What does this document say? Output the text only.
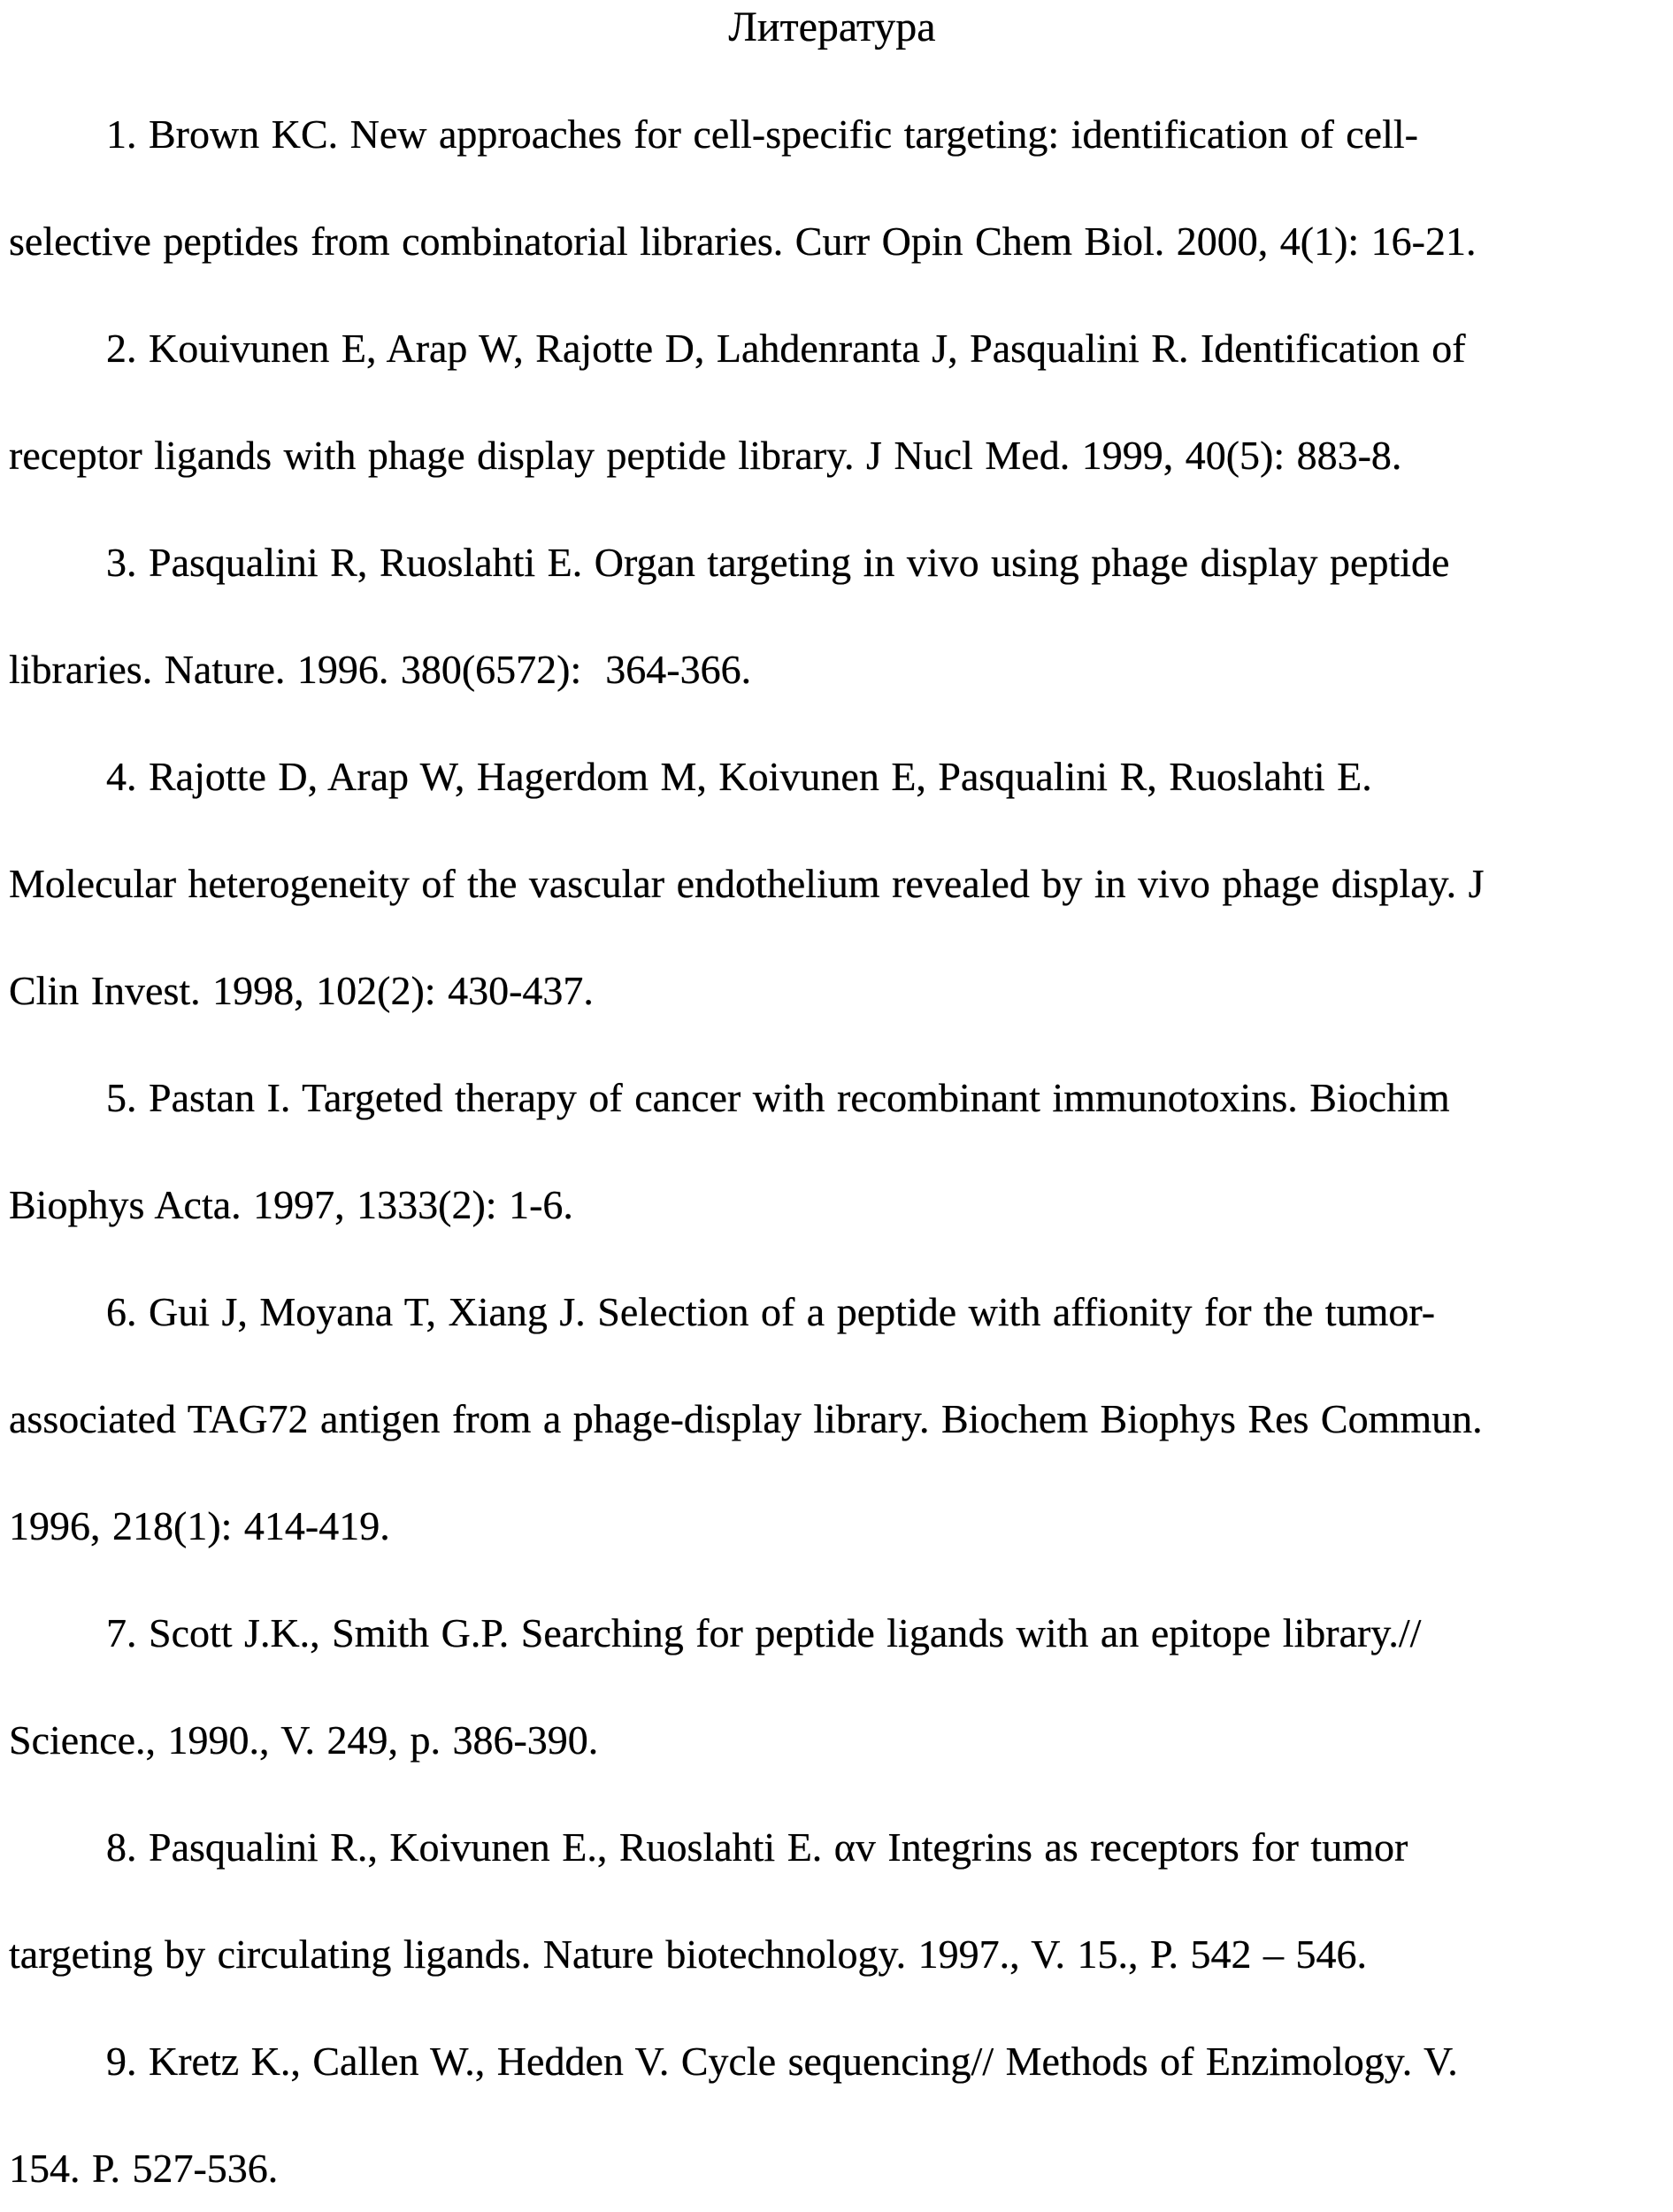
Литература

1. Brown KC. New approaches for cell-specific targeting: identification of cell-
selective peptides from combinatorial libraries. Curr Opin Chem Biol. 2000, 4(1): 16-21.

2. Kouivunen E, Arap W, Rajotte D, Lahdenranta J, Pasqualini R. Identification of
receptor ligands with phage display peptide library. J Nucl Med. 1999, 40(5): 883-8.

3. Pasqualini R, Ruoslahti E. Organ targeting in vivo using phage display peptide
libraries. Nature. 1996. 380(6572):  364-366.

4. Rajotte D, Arap W, Hagerdom M, Koivunen E, Pasqualini R, Ruoslahti E.
Molecular heterogeneity of the vascular endothelium revealed by in vivo phage display. J
Clin Invest. 1998, 102(2): 430-437.

5. Pastan I. Targeted therapy of cancer with recombinant immunotoxins. Biochim
Biophys Acta. 1997, 1333(2): 1-6.

6. Gui J, Moyana T, Xiang J. Selection of a peptide with affionity for the tumor-
associated TAG72 antigen from a phage-display library. Biochem Biophys Res Commun.
1996, 218(1): 414-419.

7. Scott J.K., Smith G.P. Searching for peptide ligands with an epitope library.//
Science., 1990., V. 249, p. 386-390.

8. Pasqualini R., Koivunen E., Ruoslahti E. αv Integrins as receptors for tumor
targeting by circulating ligands. Nature biotechnology. 1997., V. 15., P. 542 – 546.

9. Kretz K., Callen W., Hedden V. Cycle sequencing// Methods of Enzimology. V.
154. P. 527-536.
